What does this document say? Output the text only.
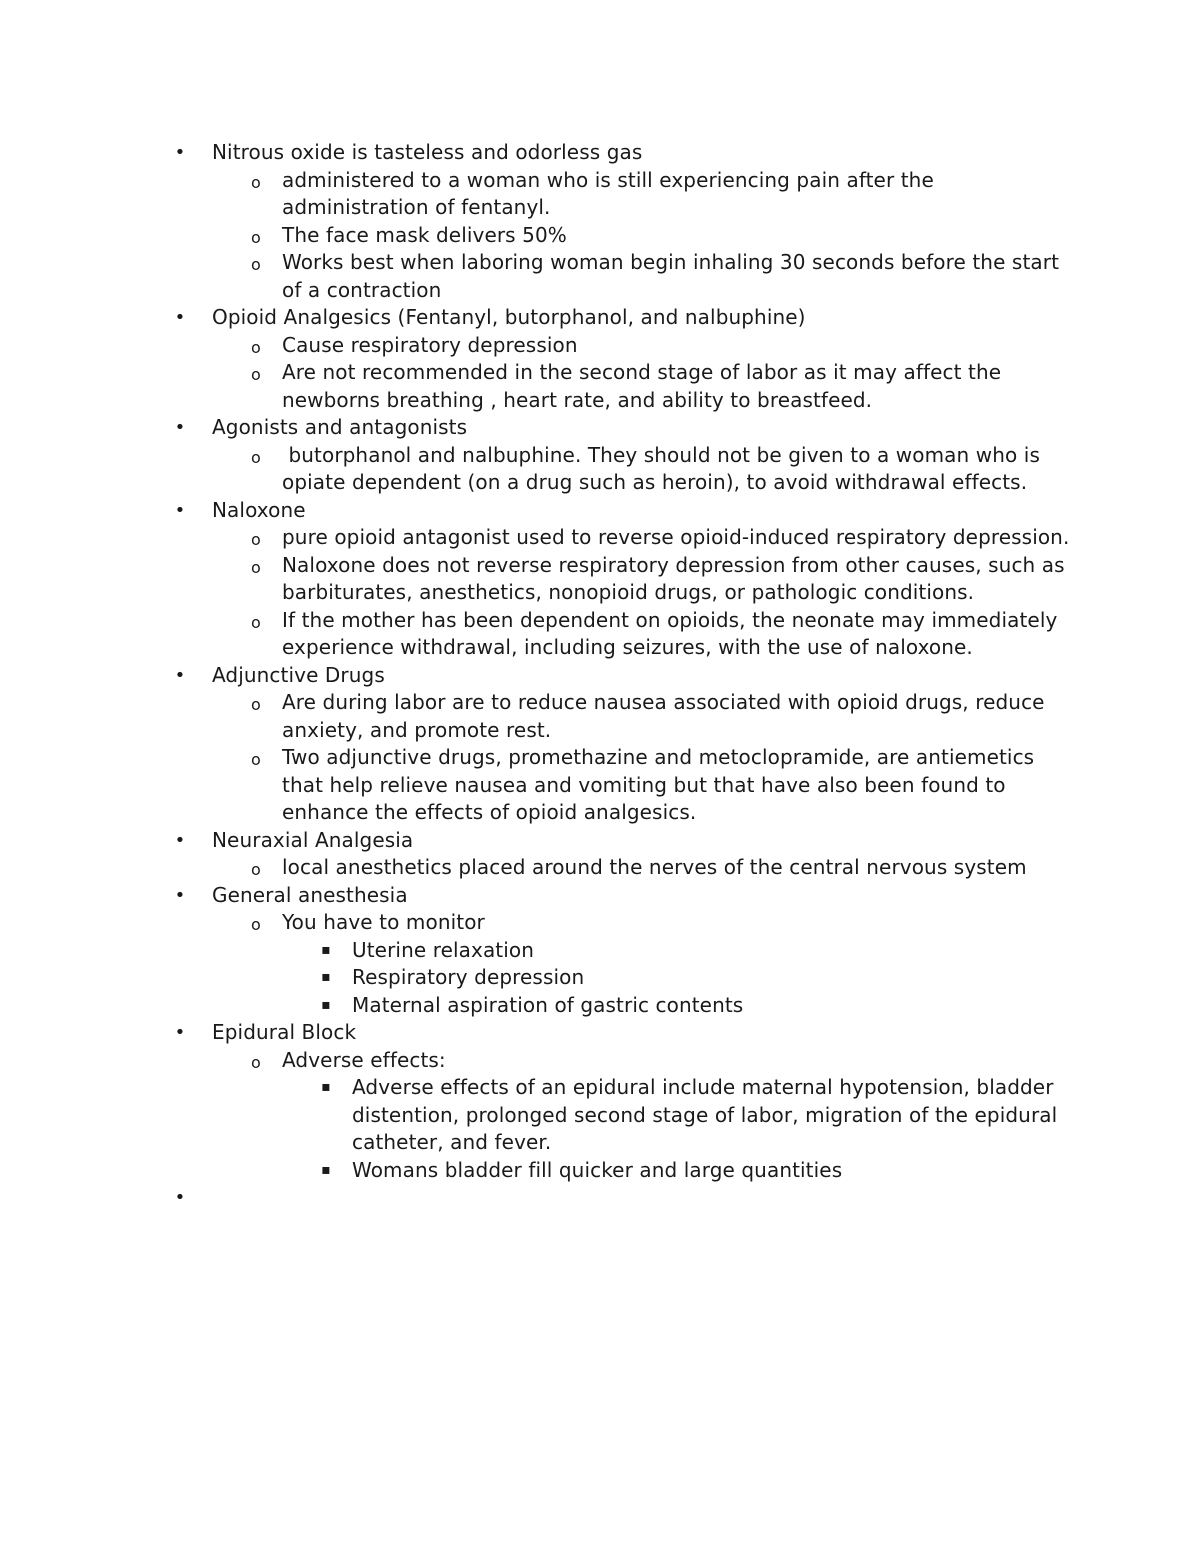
• Nitrous oxide is tasteless and odorless gas
o administered to a woman who is still experiencing pain after the administration of fentanyl.
o The face mask delivers 50%
o Works best when laboring woman begin inhaling 30 seconds before the start of a contraction
• Opioid Analgesics (Fentanyl, butorphanol, and nalbuphine)
o Cause respiratory depression
o Are not recommended in the second stage of labor as it may affect the newborns breathing , heart rate, and ability to breastfeed.
• Agonists and antagonists
o butorphanol and nalbuphine. They should not be given to a woman who is opiate dependent (on a drug such as heroin), to avoid withdrawal effects.
• Naloxone
o pure opioid antagonist used to reverse opioid-induced respiratory depression.
o Naloxone does not reverse respiratory depression from other causes, such as barbiturates, anesthetics, nonopioid drugs, or pathologic conditions.
o If the mother has been dependent on opioids, the neonate may immediately experience withdrawal, including seizures, with the use of naloxone.
• Adjunctive Drugs
o Are during labor are to reduce nausea associated with opioid drugs, reduce anxiety, and promote rest.
o Two adjunctive drugs, promethazine and metoclopramide, are antiemetics that help relieve nausea and vomiting but that have also been found to enhance the effects of opioid analgesics.
• Neuraxial Analgesia
o local anesthetics placed around the nerves of the central nervous system
• General anesthesia
o You have to monitor
▪ Uterine relaxation
▪ Respiratory depression
▪ Maternal aspiration of gastric contents
• Epidural Block
o Adverse effects:
▪ Adverse effects of an epidural include maternal hypotension, bladder distention, prolonged second stage of labor, migration of the epidural catheter, and fever.
▪ Womans bladder fill quicker and large quantities
•
